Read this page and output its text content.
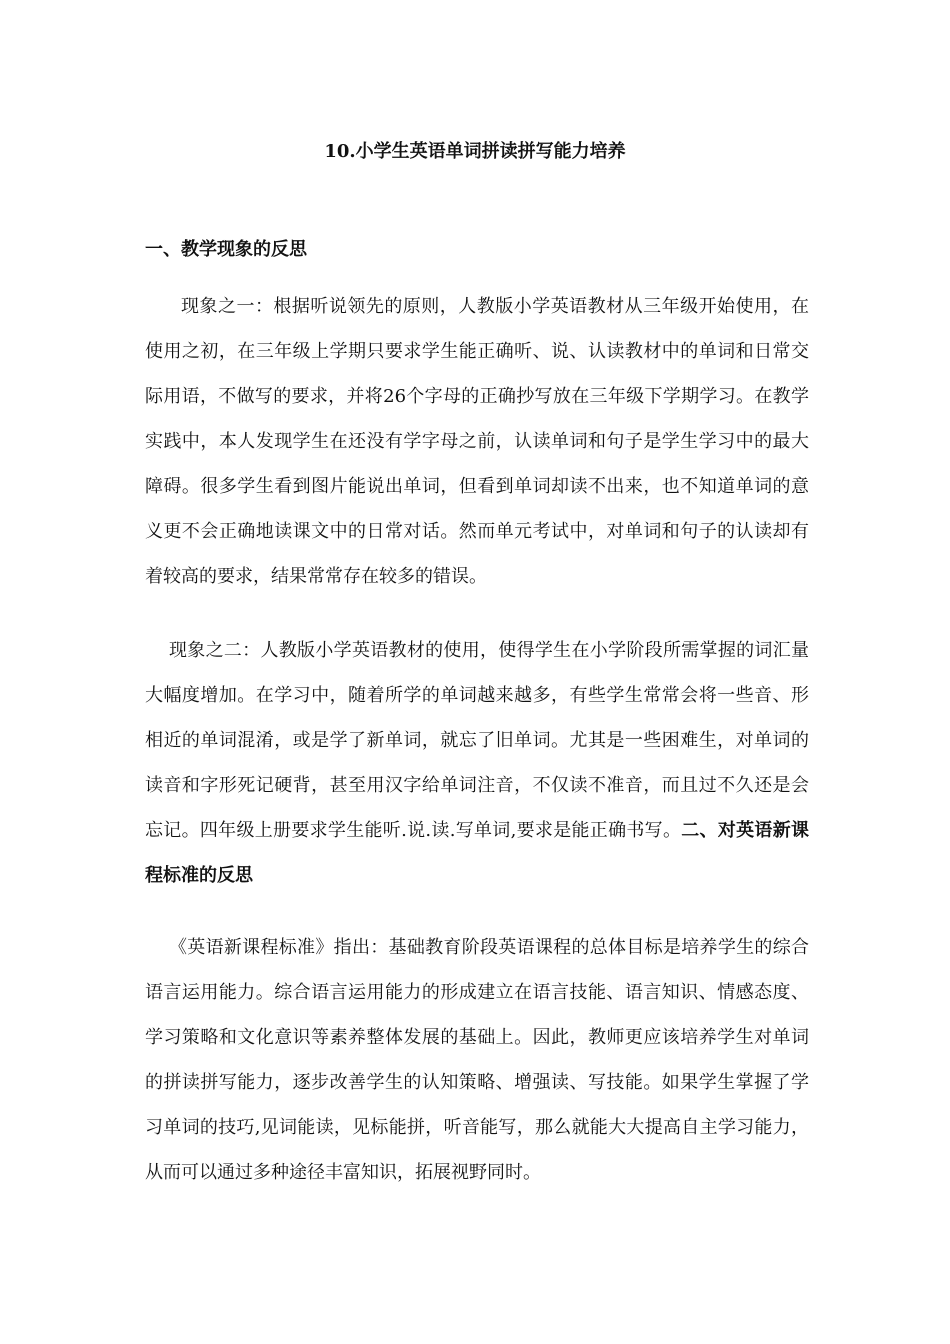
10.小学生英语单词拼读拼写能力培养
一、教学现象的反思

现象之一：根据听说领先的原则，人教版小学英语教材从三年级开始使用，在使用之初，在三年级上学期只要求学生能正确听、说、认读教材中的单词和日常交际用语，不做写的要求，并将26个字母的正确抄写放在三年级下学期学习。在教学实践中，本人发现学生在还没有学字母之前，认读单词和句子是学生学习中的最大障碍。很多学生看到图片能说出单词，但看到单词却读不出来，也不知道单词的意义更不会正确地读课文中的日常对话。然而单元考试中，对单词和句子的认读却有着较高的要求，结果常常存在较多的错误。

现象之二：人教版小学英语教材的使用，使得学生在小学阶段所需掌握的词汇量大幅度增加。在学习中，随着所学的单词越来越多，有些学生常常会将一些音、形相近的单词混淆，或是学了新单词，就忘了旧单词。尤其是一些困难生，对单词的读音和字形死记硬背，甚至用汉字给单词注音，不仅读不准音，而且过不久还是会忘记。四年级上册要求学生能听.说.读.写单词,要求是能正确书写。二、对英语新课程标准的反思

《英语新课程标准》指出：基础教育阶段英语课程的总体目标是培养学生的综合语言运用能力。综合语言运用能力的形成建立在语言技能、语言知识、情感态度、学习策略和文化意识等素养整体发展的基础上。因此，教师更应该培养学生对单词的拼读拼写能力，逐步改善学生的认知策略、增强读、写技能。如果学生掌握了学习单词的技巧,见词能读，见标能拼，听音能写，那么就能大大提高自主学习能力，从而可以通过多种途径丰富知识，拓展视野同时。
